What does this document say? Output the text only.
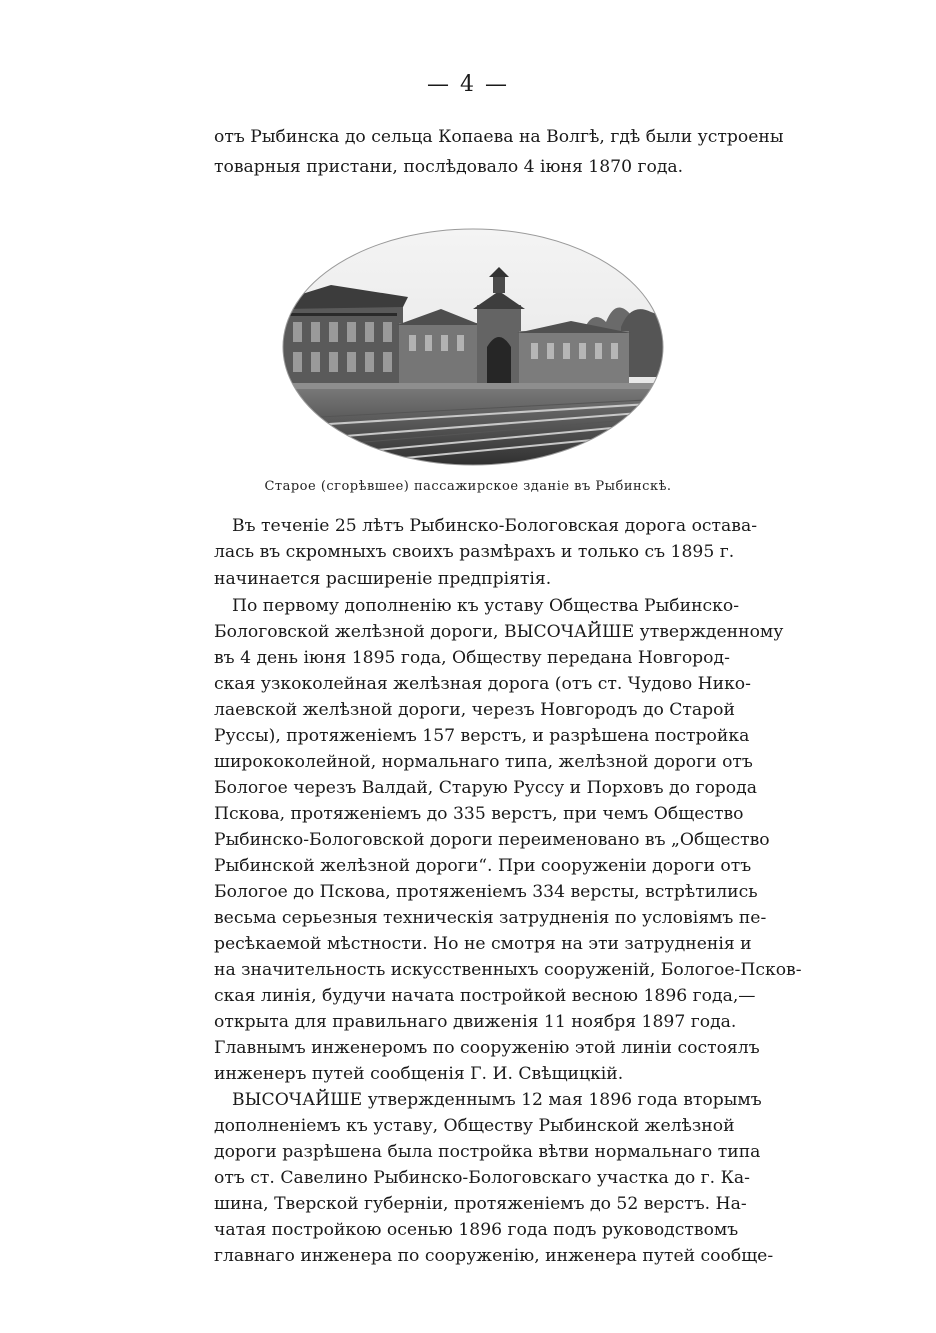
— 4 —
отъ Рыбинска до сельца Копаева на Волгѣ, гдѣ были устроены
товарныя пристани, послѣдовало 4 іюня 1870 года.
Старое (сгорѣвшее) пассажирское зданіе въ Рыбинскѣ.
Въ теченіе 25 лѣтъ Рыбинско-Бологовская дорога остава-
лась въ скромныхъ своихъ размѣрахъ и только съ 1895 г.
начинается расширеніе предпріятія.
По первому дополненію къ уставу Общества Рыбинско-
Бологовской желѣзной дороги, ВЫСОЧАЙШЕ утвержденному
въ 4 день іюня 1895 года, Обществу передана Новгород-
ская узкоколейная желѣзная дорога (отъ ст. Чудово Нико-
лаевской желѣзной дороги, черезъ Новгородъ до Старой
Руссы), протяженіемъ 157 верстъ, и разрѣшена постройка
ширококолейной, нормальнаго типа, желѣзной дороги отъ
Бологое черезъ Валдай, Старую Руссу и Порховъ до города
Пскова, протяженіемъ до 335 верстъ, при чемъ Общество
Рыбинско-Бологовской дороги переименовано въ „Общество
Рыбинской желѣзной дороги“. При сооруженіи дороги отъ
Бологое до Пскова, протяженіемъ 334 версты, встрѣтились
весьма серьезныя техническія затрудненія по условіямъ пе-
ресѣкаемой мѣстности. Но не смотря на эти затрудненія и
на значительность искусственныхъ сооруженій, Бологое-Псков-
ская линія, будучи начата постройкой весною 1896 года,—
открыта для правильнаго движенія 11 ноября 1897 года.
Главнымъ инженеромъ по сооруженію этой линіи состоялъ
инженеръ путей сообщенія Г. И. Свѣщицкій.
ВЫСОЧАЙШЕ утвержденнымъ 12 мая 1896 года вторымъ
дополненіемъ къ уставу, Обществу Рыбинской желѣзной
дороги разрѣшена была постройка вѣтви нормальнаго типа
отъ ст. Савелино Рыбинско-Бологовскаго участка до г. Ка-
шина, Тверской губерніи, протяженіемъ до 52 верстъ. На-
чатая постройкою осенью 1896 года подъ руководствомъ
главнаго инженера по сооруженію, инженера путей сообще-
